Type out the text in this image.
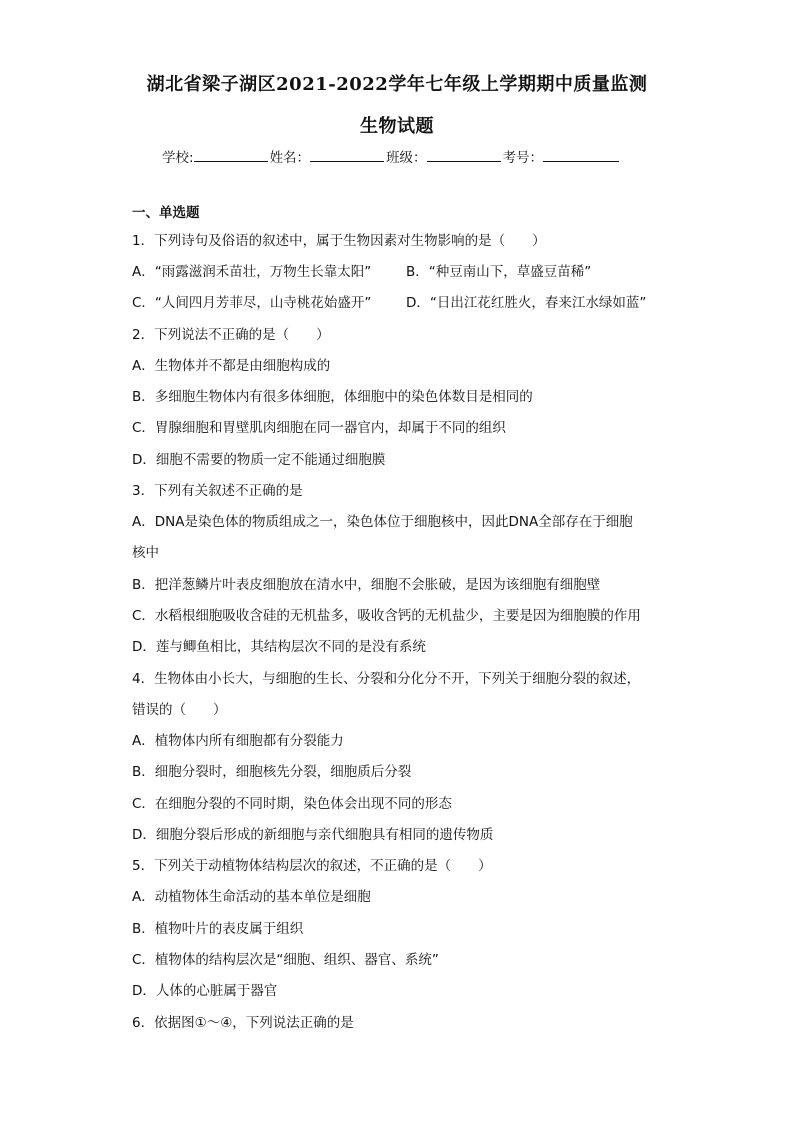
湖北省梁子湖区2021-2022学年七年级上学期期中质量监测
生物试题
学校:	姓名：	班级：	考号：
一、单选题
1．下列诗句及俗语的叙述中，属于生物因素对生物影响的是（　　）
A．“雨露滋润禾苗壮，万物生长靠太阳”	B．“种豆南山下，草盛豆苗稀”
C．“人间四月芳菲尽，山寺桃花始盛开”	D．“日出江花红胜火，春来江水绿如蓝”
2．下列说法不正确的是（　　）
A．生物体并不都是由细胞构成的
B．多细胞生物体内有很多体细胞，体细胞中的染色体数目是相同的
C．胃腺细胞和胃壁肌肉细胞在同一器官内，却属于不同的组织
D．细胞不需要的物质一定不能通过细胞膜
3．下列有关叙述不正确的是
A．DNA是染色体的物质组成之一，染色体位于细胞核中，因此DNA全部存在于细胞
核中
B．把洋葱鳞片叶表皮细胞放在清水中，细胞不会胀破，是因为该细胞有细胞壁
C．水稻根细胞吸收含硅的无机盐多，吸收含钙的无机盐少，主要是因为细胞膜的作用
D．莲与鲫鱼相比，其结构层次不同的是没有系统
4．生物体由小长大，与细胞的生长、分裂和分化分不开，下列关于细胞分裂的叙述，
错误的（　　）
A．植物体内所有细胞都有分裂能力
B．细胞分裂时，细胞核先分裂，细胞质后分裂
C．在细胞分裂的不同时期，染色体会出现不同的形态
D．细胞分裂后形成的新细胞与亲代细胞具有相同的遗传物质
5．下列关于动植物体结构层次的叙述，不正确的是（　　）
A．动植物体生命活动的基本单位是细胞
B．植物叶片的表皮属于组织
C．植物体的结构层次是“细胞、组织、器官、系统”
D．人体的心脏属于器官
6．依据图①～④，下列说法正确的是
